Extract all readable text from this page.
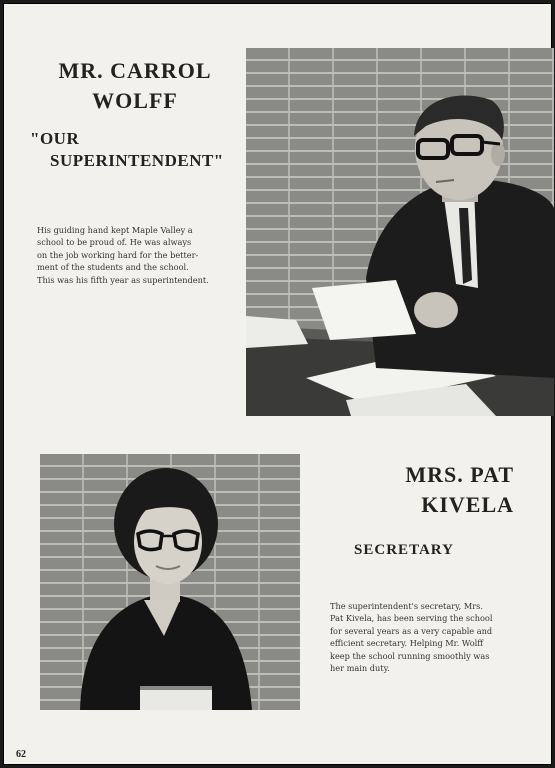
MR. CARROL
WOLFF
"OUR
SUPERINTENDENT"
His guiding hand kept Maple Valley a
school to be proud of. He was always
on the job working hard for the better-
ment of the students and the school.
This was his fifth year as superintendent.
MRS. PAT
KIVELA
SECRETARY
The superintendent's secretary, Mrs.
Pat Kivela, has been serving the school
for several years as a very capable and
efficient secretary. Helping Mr. Wolff
keep the school running smoothly was
her main duty.
62
